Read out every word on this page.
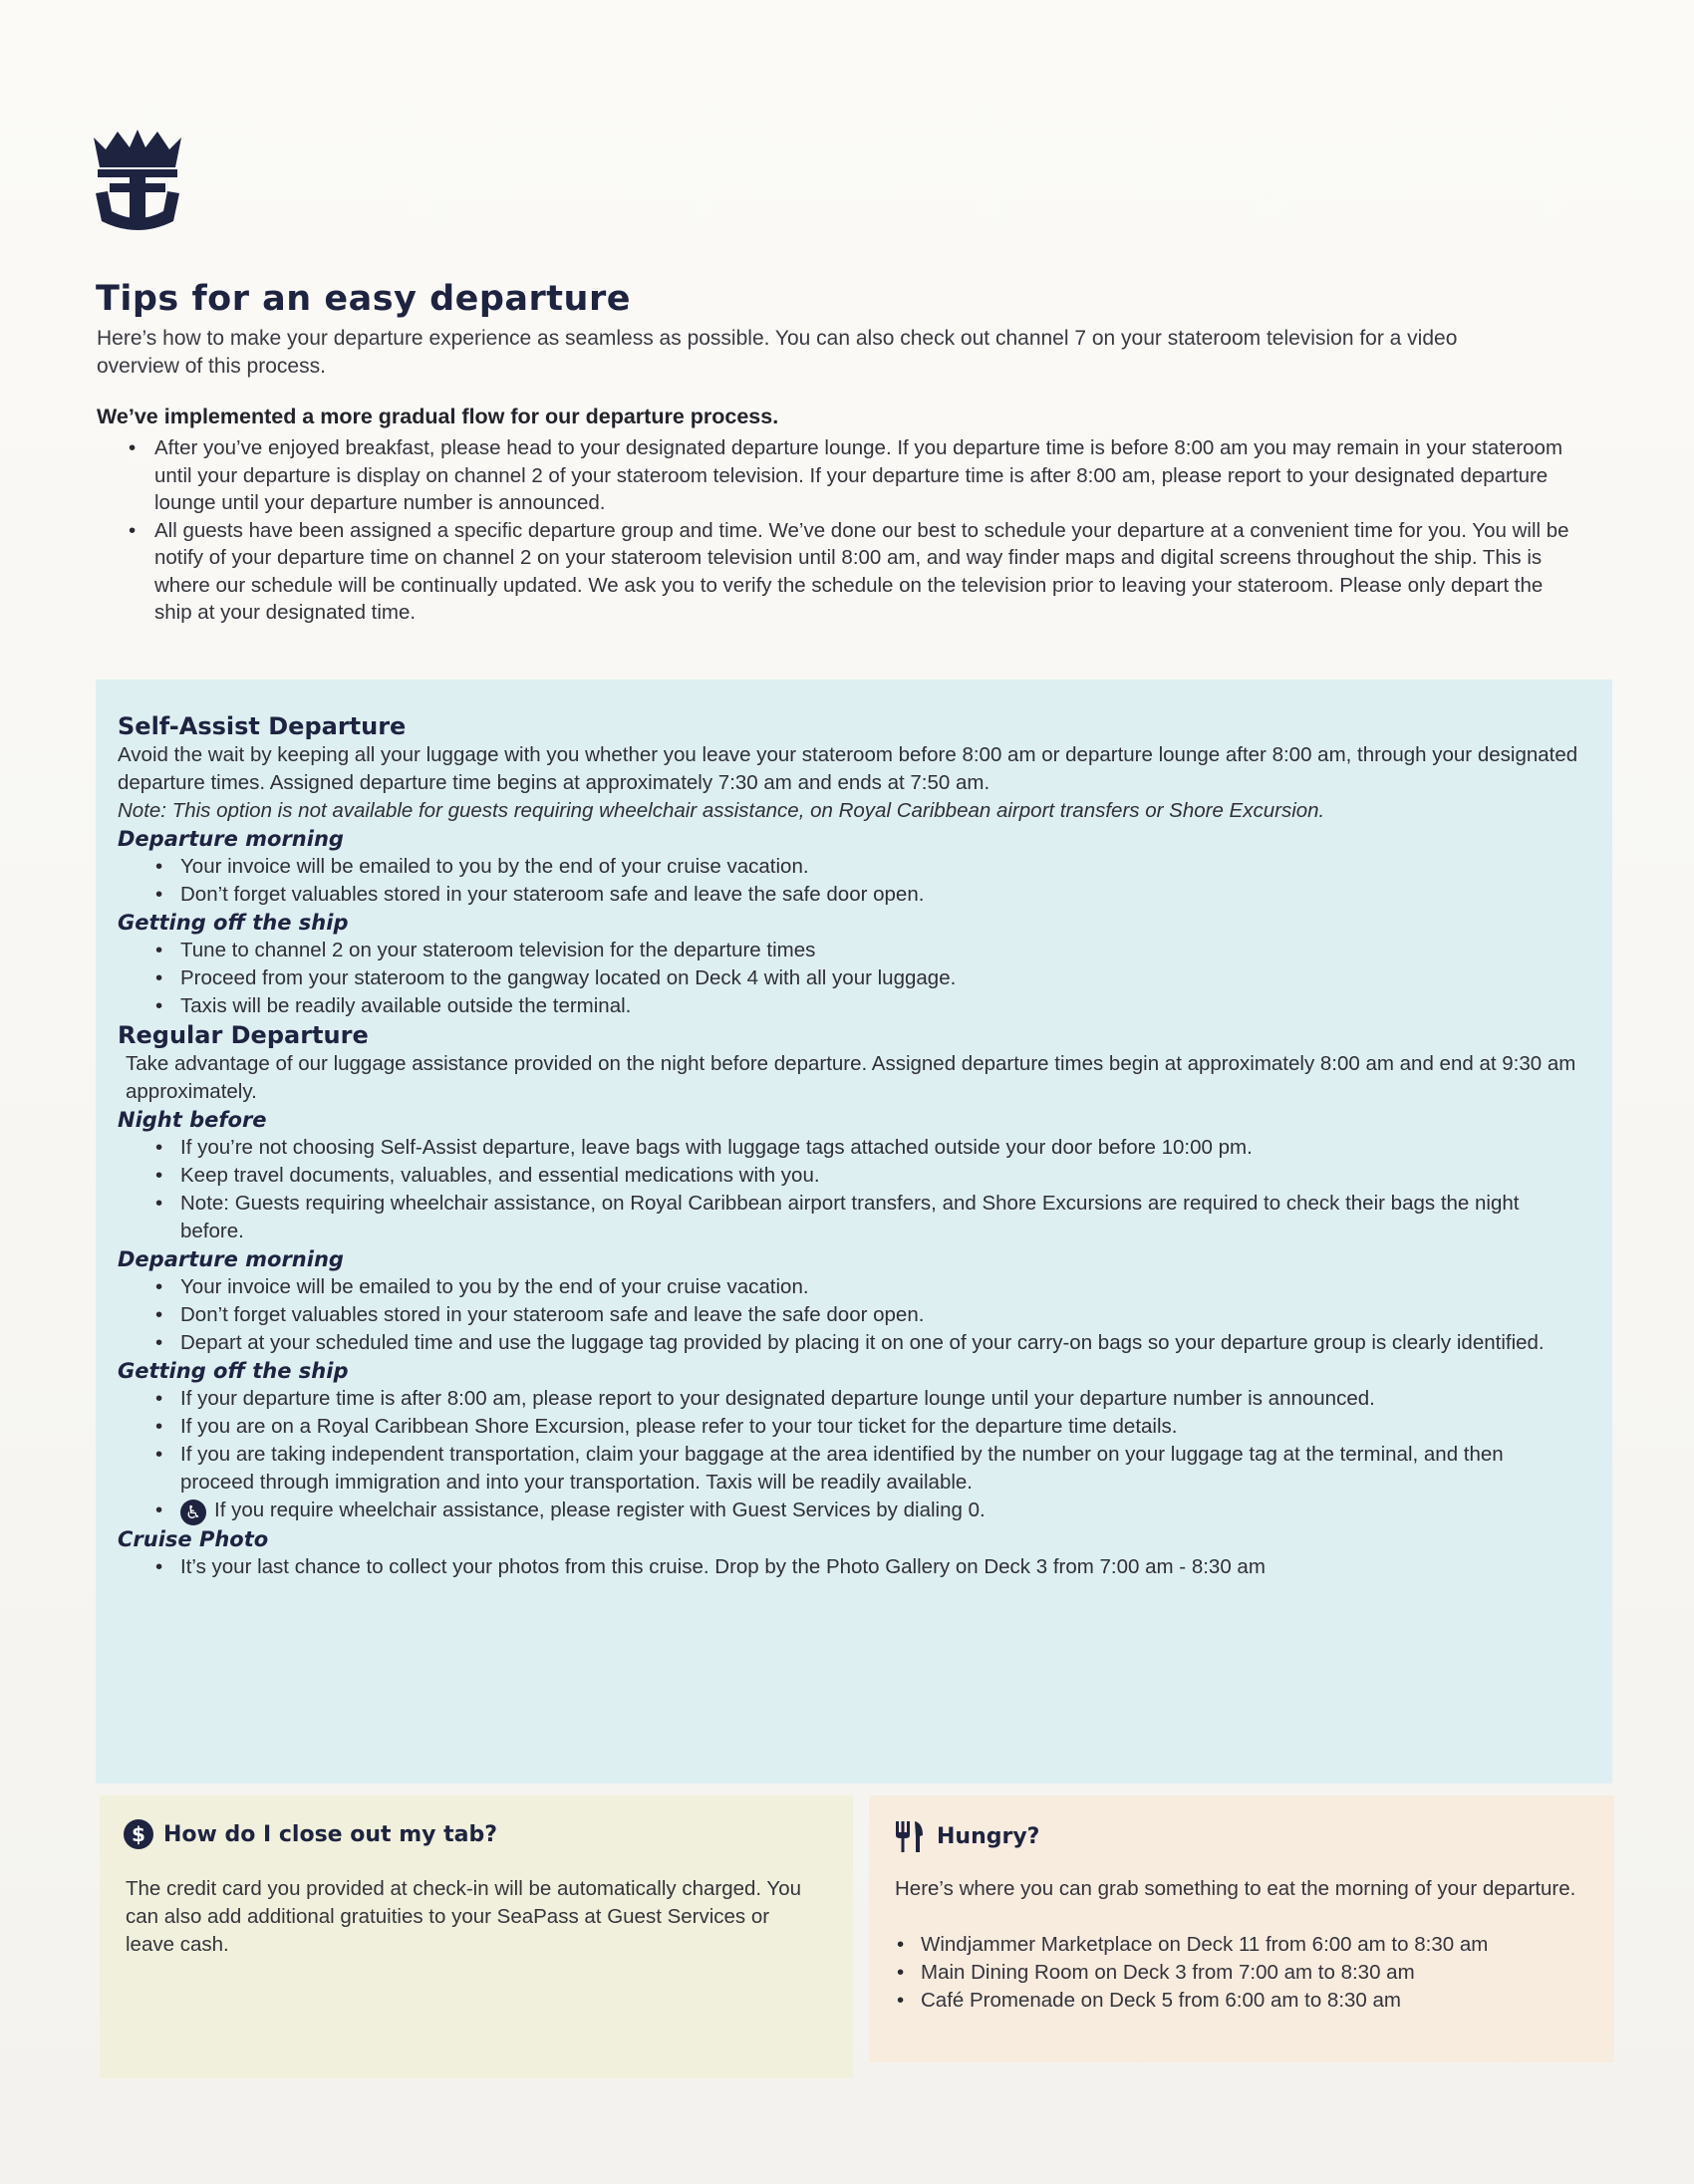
Tips for an easy departure

Here’s how to make your departure experience as seamless as possible. You can also check out channel 7 on your stateroom television for a video overview of this process.

We’ve implemented a more gradual flow for our departure process.

• After you’ve enjoyed breakfast, please head to your designated departure lounge. If you departure time is before 8:00 am you may remain in your stateroom until your departure is display on channel 2 of your stateroom television. If your departure time is after 8:00 am, please report to your designated departure lounge until your departure number is announced.
• All guests have been assigned a specific departure group and time. We’ve done our best to schedule your departure at a convenient time for you. You will be notify of your departure time on channel 2 on your stateroom television until 8:00 am, and way finder maps and digital screens throughout the ship. This is where our schedule will be continually updated. We ask you to verify the schedule on the television prior to leaving your stateroom. Please only depart the ship at your designated time.
Self-Assist Departure

Avoid the wait by keeping all your luggage with you whether you leave your stateroom before 8:00 am or departure lounge after 8:00 am, through your designated departure times. Assigned departure time begins at approximately 7:30 am and ends at 7:50 am.

Note: This option is not available for guests requiring wheelchair assistance, on Royal Caribbean airport transfers or Shore Excursion.

Departure morning
• Your invoice will be emailed to you by the end of your cruise vacation.
• Don’t forget valuables stored in your stateroom safe and leave the safe door open.
Getting off the ship
• Tune to channel 2 on your stateroom television for the departure times
• Proceed from your stateroom to the gangway located on Deck 4 with all your luggage.
• Taxis will be readily available outside the terminal.
Regular Departure

Take advantage of our luggage assistance provided on the night before departure. Assigned departure times begin at approximately 8:00 am and end at 9:30 am approximately.

Night before
• If you’re not choosing Self-Assist departure, leave bags with luggage tags attached outside your door before 10:00 pm.
• Keep travel documents, valuables, and essential medications with you.
• Note: Guests requiring wheelchair assistance, on Royal Caribbean airport transfers, and Shore Excursions are required to check their bags the night before.
Departure morning
• Your invoice will be emailed to you by the end of your cruise vacation.
• Don’t forget valuables stored in your stateroom safe and leave the safe door open.
• Depart at your scheduled time and use the luggage tag provided by placing it on one of your carry-on bags so your departure group is clearly identified.
Getting off the ship
• If your departure time is after 8:00 am, please report to your designated departure lounge until your departure number is announced.
• If you are on a Royal Caribbean Shore Excursion, please refer to your tour ticket for the departure time details.
• If you are taking independent transportation, claim your baggage at the area identified by the number on your luggage tag at the terminal, and then proceed through immigration and into your transportation. Taxis will be readily available.
• ♿ If you require wheelchair assistance, please register with Guest Services by dialing 0.
Cruise Photo
• It’s your last chance to collect your photos from this cruise. Drop by the Photo Gallery on Deck 3 from 7:00 am - 8:30 am
$ How do I close out my tab?

The credit card you provided at check-in will be automatically charged. You can also add additional gratuities to your SeaPass at Guest Services or leave cash.

Hungry?

Here’s where you can grab something to eat the morning of your departure.

• Windjammer Marketplace on Deck 11 from 6:00 am to 8:30 am
• Main Dining Room on Deck 3 from 7:00 am to 8:30 am
• Café Promenade on Deck 5 from 6:00 am to 8:30 am
